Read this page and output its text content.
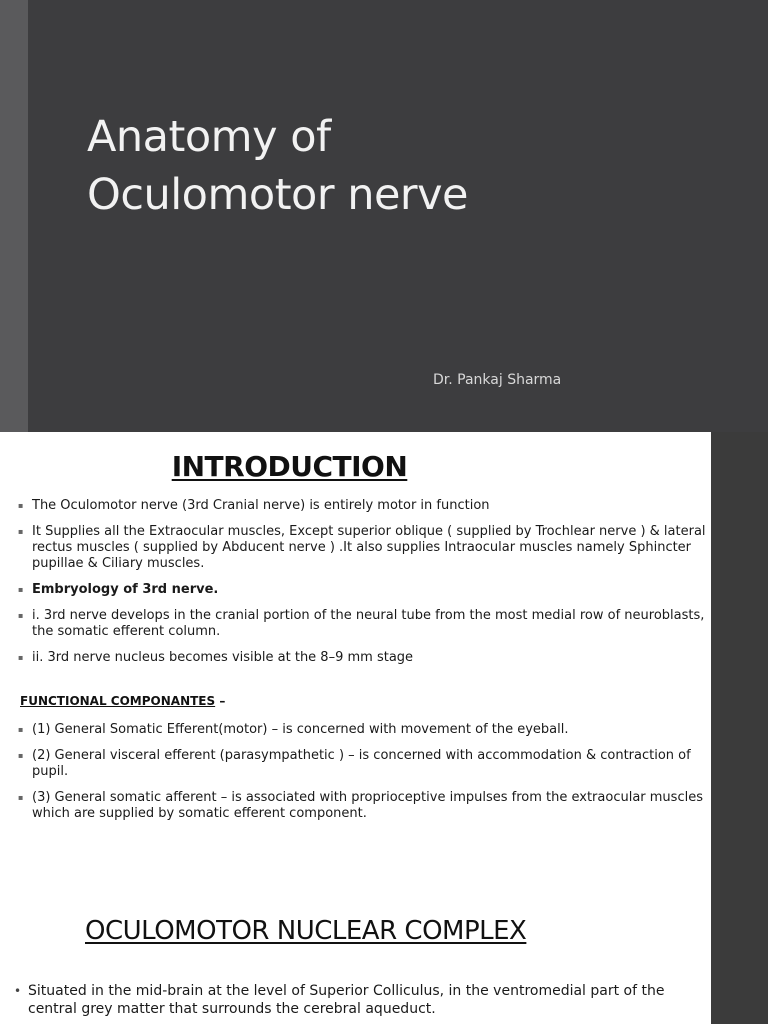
Anatomy of
Oculomotor nerve
Dr. Pankaj Sharma
INTRODUCTION
▪ The Oculomotor nerve (3rd Cranial nerve) is entirely motor in function
▪ It Supplies all the Extraocular muscles, Except superior oblique ( supplied by Trochlear nerve ) & lateral rectus muscles ( supplied by Abducent nerve ) .It also supplies Intraocular muscles namely Sphincter pupillae & Ciliary muscles.
▪ Embryology of 3rd nerve.
▪ i. 3rd nerve develops in the cranial portion of the neural tube from the most medial row of neuroblasts, the somatic efferent column.
▪ ii. 3rd nerve nucleus becomes visible at the 8–9 mm stage
FUNCTIONAL COMPONANTES –
▪ (1) General Somatic Efferent(motor) – is concerned with movement of the eyeball.
▪ (2) General visceral efferent (parasympathetic ) – is concerned with accommodation & contraction of pupil.
▪ (3) General somatic afferent – is associated with proprioceptive impulses from the extraocular muscles which are supplied by somatic efferent component.
OCULOMOTOR NUCLEAR COMPLEX
• Situated in the mid-brain at the level of Superior Colliculus, in the ventromedial part of the central grey matter that surrounds the cerebral aqueduct.
